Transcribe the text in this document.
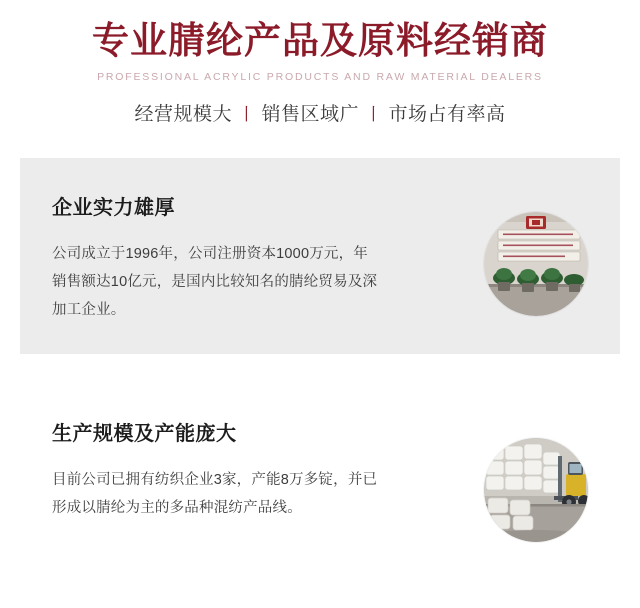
专业腈纶产品及原料经销商
PROFESSIONAL ACRYLIC PRODUCTS AND RAW MATERIAL DEALERS
经营规模大 丨 销售区域广 丨 市场占有率高
企业实力雄厚
公司成立于1996年，公司注册资本1000万元，年销售额达10亿元，是国内比较知名的腈纶贸易及深加工企业。
生产规模及产能庞大
目前公司已拥有纺织企业3家，产能8万多锭，并已形成以腈纶为主的多品种混纺产品线。
